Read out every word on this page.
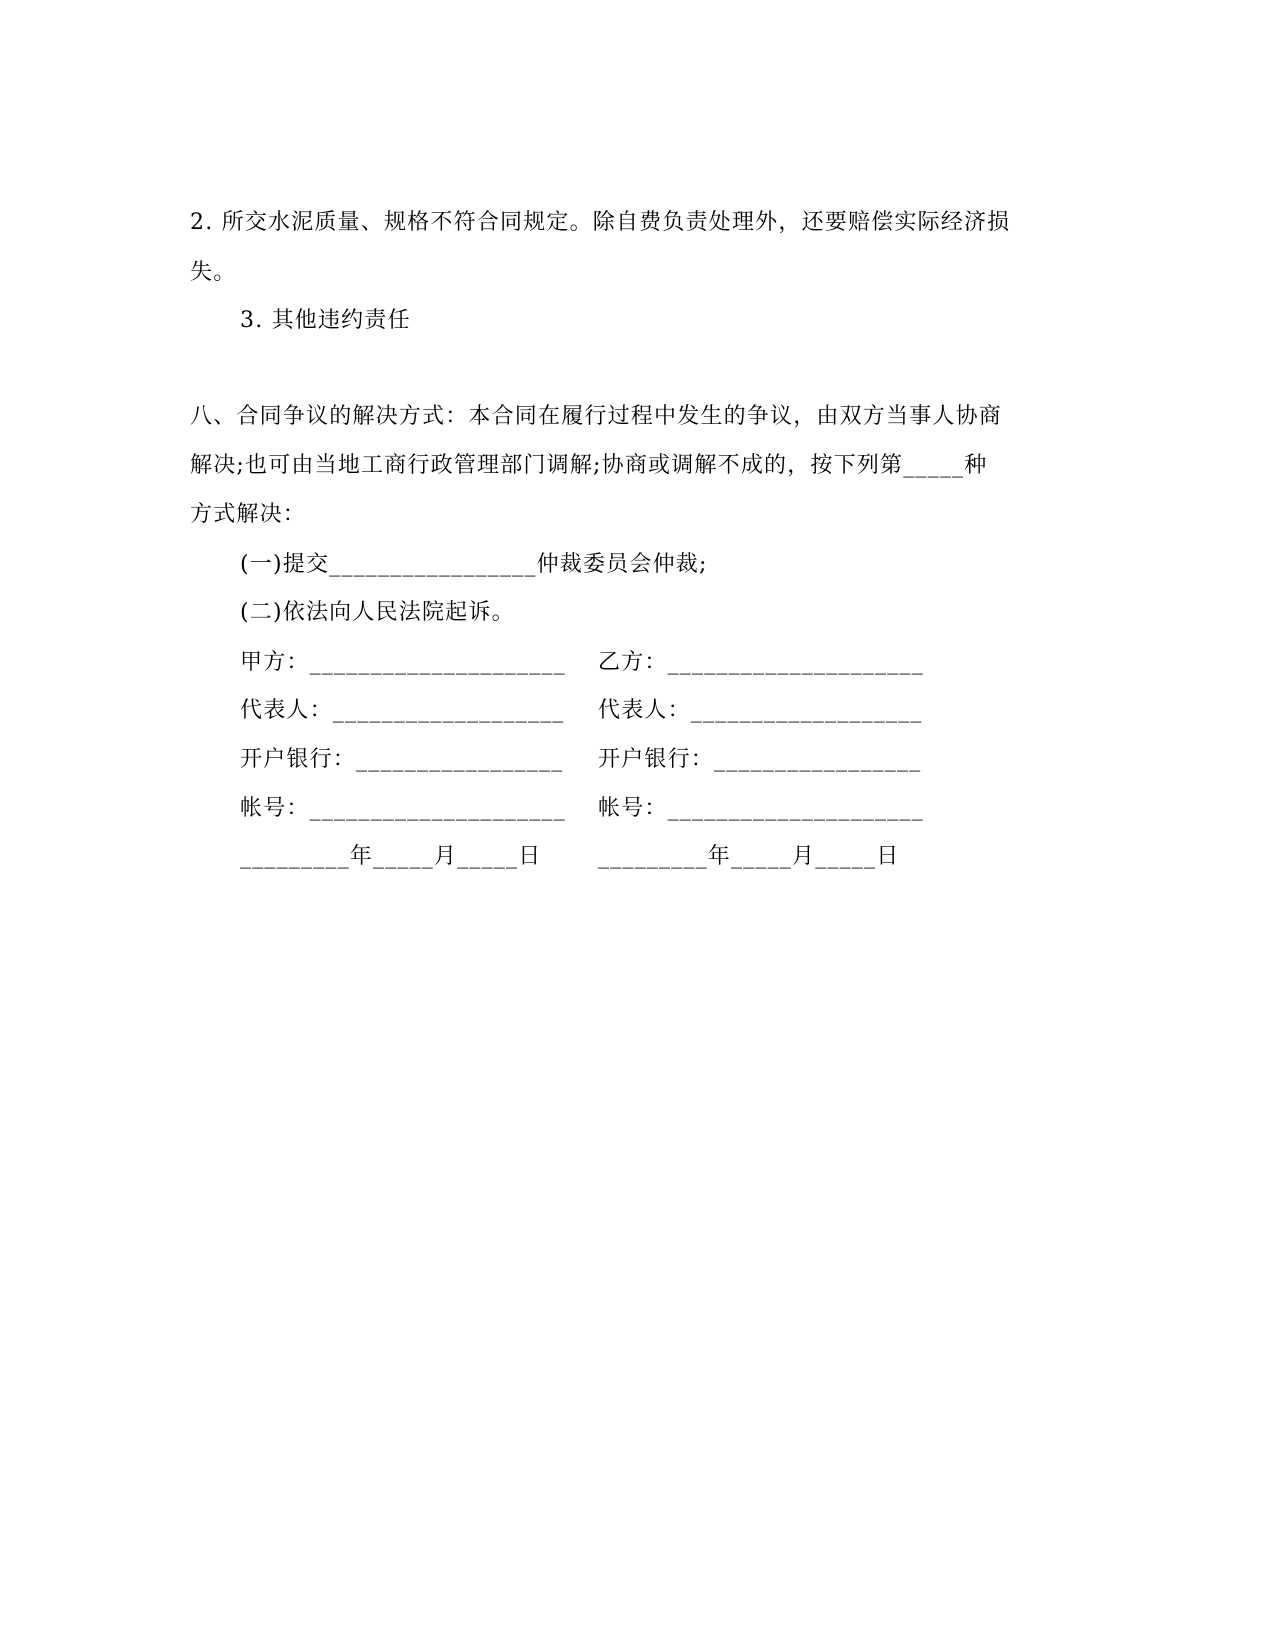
2. 所交水泥质量、规格不符合同规定。除自费负责处理外，还要赔偿实际经济损
失。
3. 其他违约责任
八、合同争议的解决方式：本合同在履行过程中发生的争议，由双方当事人协商
解决;也可由当地工商行政管理部门调解;协商或调解不成的，按下列第_____种
方式解决：
(一)提交_________________仲裁委员会仲裁;
(二)依法向人民法院起诉。
甲方：_____________________ 乙方：_____________________
代表人：___________________ 代表人：___________________
开户银行：_________________ 开户银行：_________________
帐号：_____________________ 帐号：_____________________
_________年_____月_____日	_________年_____月_____日
